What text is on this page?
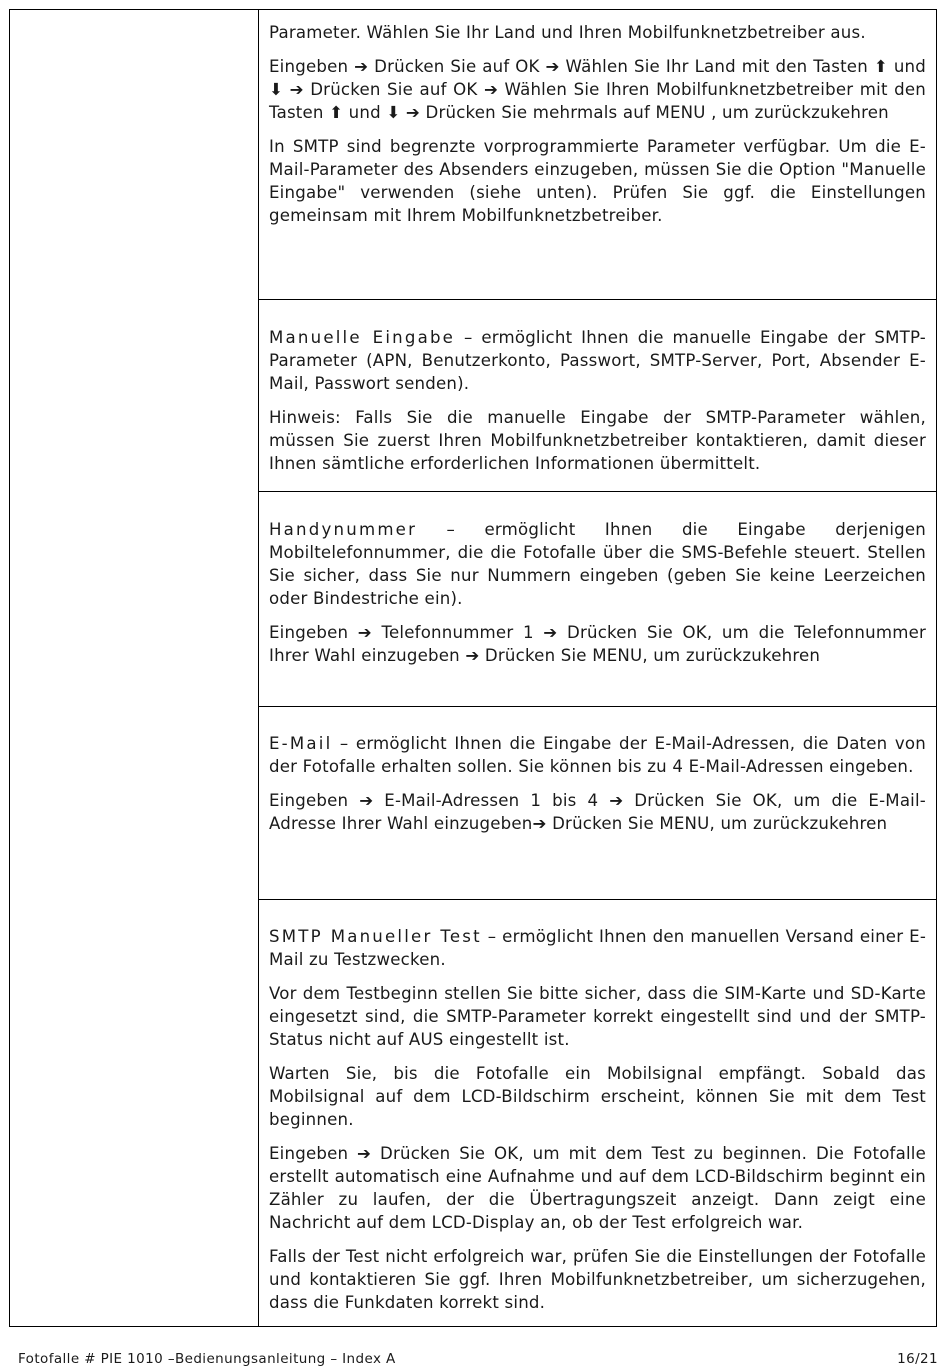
Parameter. Wählen Sie Ihr Land und Ihren Mobilfunknetzbetreiber aus.

Eingeben ➔ Drücken Sie auf OK ➔ Wählen Sie Ihr Land mit den Tasten ⬆ und ⬇ ➔ Drücken Sie auf OK ➔ Wählen Sie Ihren Mobilfunknetzbetreiber mit den Tasten ⬆ und ⬇ ➔ Drücken Sie mehrmals auf MENU , um zurückzukehren

In SMTP sind begrenzte vorprogrammierte Parameter verfügbar. Um die E-Mail-Parameter des Absenders einzugeben, müssen Sie die Option "Manuelle Eingabe" verwenden (siehe unten). Prüfen Sie ggf. die Einstellungen gemeinsam mit Ihrem Mobilfunknetzbetreiber.

Manuelle Eingabe – ermöglicht Ihnen die manuelle Eingabe der SMTP-Parameter (APN, Benutzerkonto, Passwort, SMTP-Server, Port, Absender E-Mail, Passwort senden).

Hinweis: Falls Sie die manuelle Eingabe der SMTP-Parameter wählen, müssen Sie zuerst Ihren Mobilfunknetzbetreiber kontaktieren, damit dieser Ihnen sämtliche erforderlichen Informationen übermittelt.

Handynummer – ermöglicht Ihnen die Eingabe derjenigen Mobiltelefonnummer, die die Fotofalle über die SMS-Befehle steuert. Stellen Sie sicher, dass Sie nur Nummern eingeben (geben Sie keine Leerzeichen oder Bindestriche ein).

Eingeben ➔ Telefonnummer 1 ➔ Drücken Sie OK, um die Telefonnummer Ihrer Wahl einzugeben ➔ Drücken Sie MENU, um zurückzukehren

E-Mail – ermöglicht Ihnen die Eingabe der E-Mail-Adressen, die Daten von der Fotofalle erhalten sollen. Sie können bis zu 4 E-Mail-Adressen eingeben.

Eingeben ➔ E-Mail-Adressen 1 bis 4 ➔ Drücken Sie OK, um die E-Mail-Adresse Ihrer Wahl einzugeben➔ Drücken Sie MENU, um zurückzukehren

SMTP Manueller Test – ermöglicht Ihnen den manuellen Versand einer E-Mail zu Testzwecken.

Vor dem Testbeginn stellen Sie bitte sicher, dass die SIM-Karte und SD-Karte eingesetzt sind, die SMTP-Parameter korrekt eingestellt sind und der SMTP-Status nicht auf AUS eingestellt ist.

Warten Sie, bis die Fotofalle ein Mobilsignal empfängt. Sobald das Mobilsignal auf dem LCD-Bildschirm erscheint, können Sie mit dem Test beginnen.

Eingeben ➔ Drücken Sie OK, um mit dem Test zu beginnen. Die Fotofalle erstellt automatisch eine Aufnahme und auf dem LCD-Bildschirm beginnt ein Zähler zu laufen, der die Übertragungszeit anzeigt. Dann zeigt eine Nachricht auf dem LCD-Display an, ob der Test erfolgreich war.

Falls der Test nicht erfolgreich war, prüfen Sie die Einstellungen der Fotofalle und kontaktieren Sie ggf. Ihren Mobilfunknetzbetreiber, um sicherzugehen, dass die Funkdaten korrekt sind.

Fotofalle # PIE 1010 –Bedienungsanleitung – Index A	16/21
